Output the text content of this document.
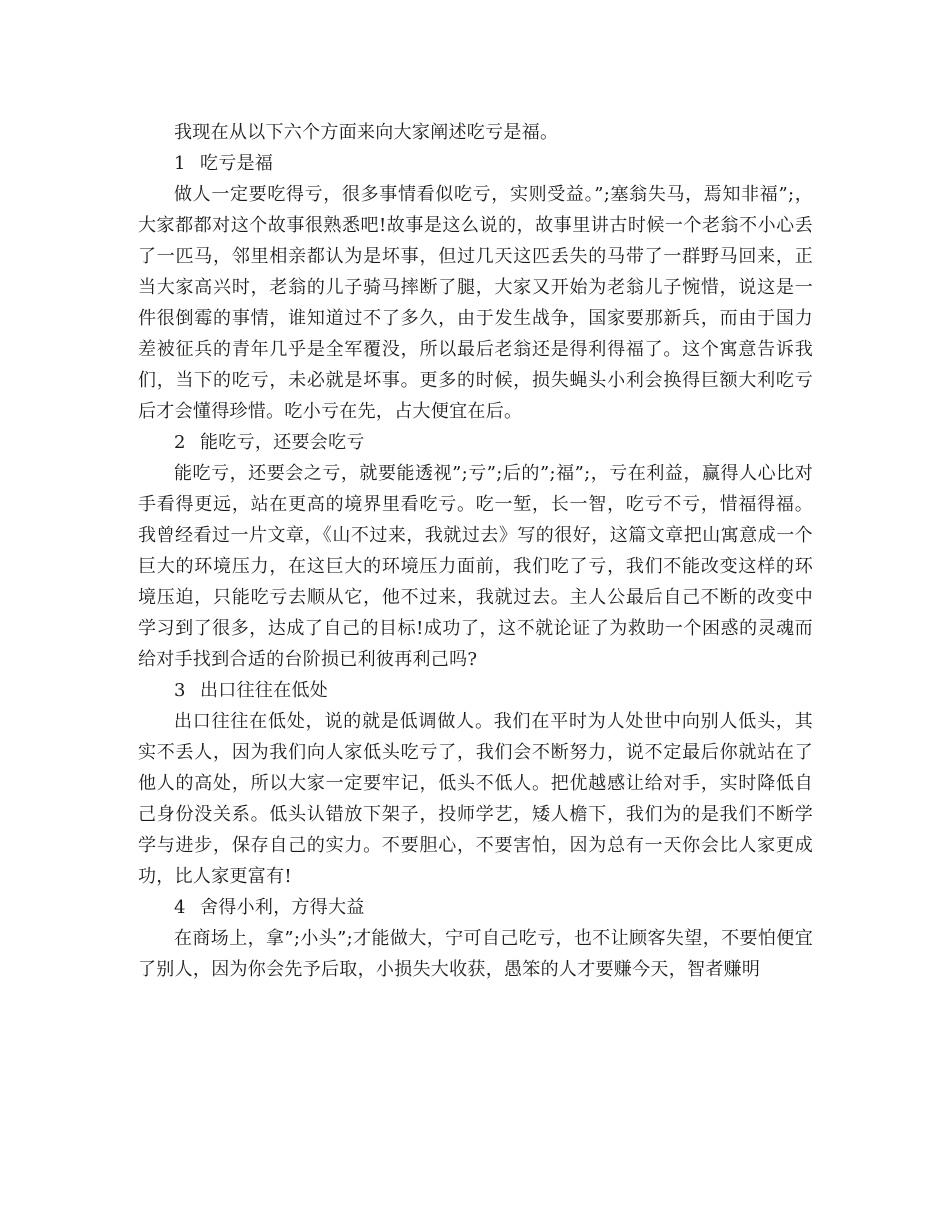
我现在从以下六个方面来向大家阐述吃亏是福。

1 吃亏是福

做人一定要吃得亏，很多事情看似吃亏，实则受益。”;塞翁失马，焉知非福”;，大家都都对这个故事很熟悉吧!故事是这么说的，故事里讲古时候一个老翁不小心丢了一匹马，邻里相亲都认为是坏事，但过几天这匹丢失的马带了一群野马回来，正当大家高兴时，老翁的儿子骑马摔断了腿，大家又开始为老翁儿子惋惜，说这是一件很倒霉的事情，谁知道过不了多久，由于发生战争，国家要那新兵，而由于国力差被征兵的青年几乎是全军覆没，所以最后老翁还是得利得福了。这个寓意告诉我们，当下的吃亏，未必就是坏事。更多的时候，损失蝇头小利会换得巨额大利吃亏后才会懂得珍惜。吃小亏在先，占大便宜在后。

2 能吃亏，还要会吃亏

能吃亏，还要会之亏，就要能透视”;亏”;后的”;福”;，亏在利益，赢得人心比对手看得更远，站在更高的境界里看吃亏。吃一堑，长一智，吃亏不亏，惜福得福。我曾经看过一片文章，《山不过来，我就过去》写的很好，这篇文章把山寓意成一个巨大的环境压力，在这巨大的环境压力面前，我们吃了亏，我们不能改变这样的环境压迫，只能吃亏去顺从它，他不过来，我就过去。主人公最后自己不断的改变中学习到了很多，达成了自己的目标!成功了，这不就论证了为救助一个困惑的灵魂而给对手找到合适的台阶损已利彼再利己吗?

3 出口往往在低处

出口往往在低处，说的就是低调做人。我们在平时为人处世中向别人低头，其实不丢人，因为我们向人家低头吃亏了，我们会不断努力，说不定最后你就站在了他人的高处，所以大家一定要牢记，低头不低人。把优越感让给对手，实时降低自己身份没关系。低头认错放下架子，投师学艺，矮人檐下，我们为的是我们不断学学与进步，保存自己的实力。不要胆心，不要害怕，因为总有一天你会比人家更成功，比人家更富有!

4 舍得小利，方得大益

在商场上，拿”;小头”;才能做大，宁可自己吃亏，也不让顾客失望，不要怕便宜了别人，因为你会先予后取，小损失大收获，愚笨的人才要赚今天，智者赚明
